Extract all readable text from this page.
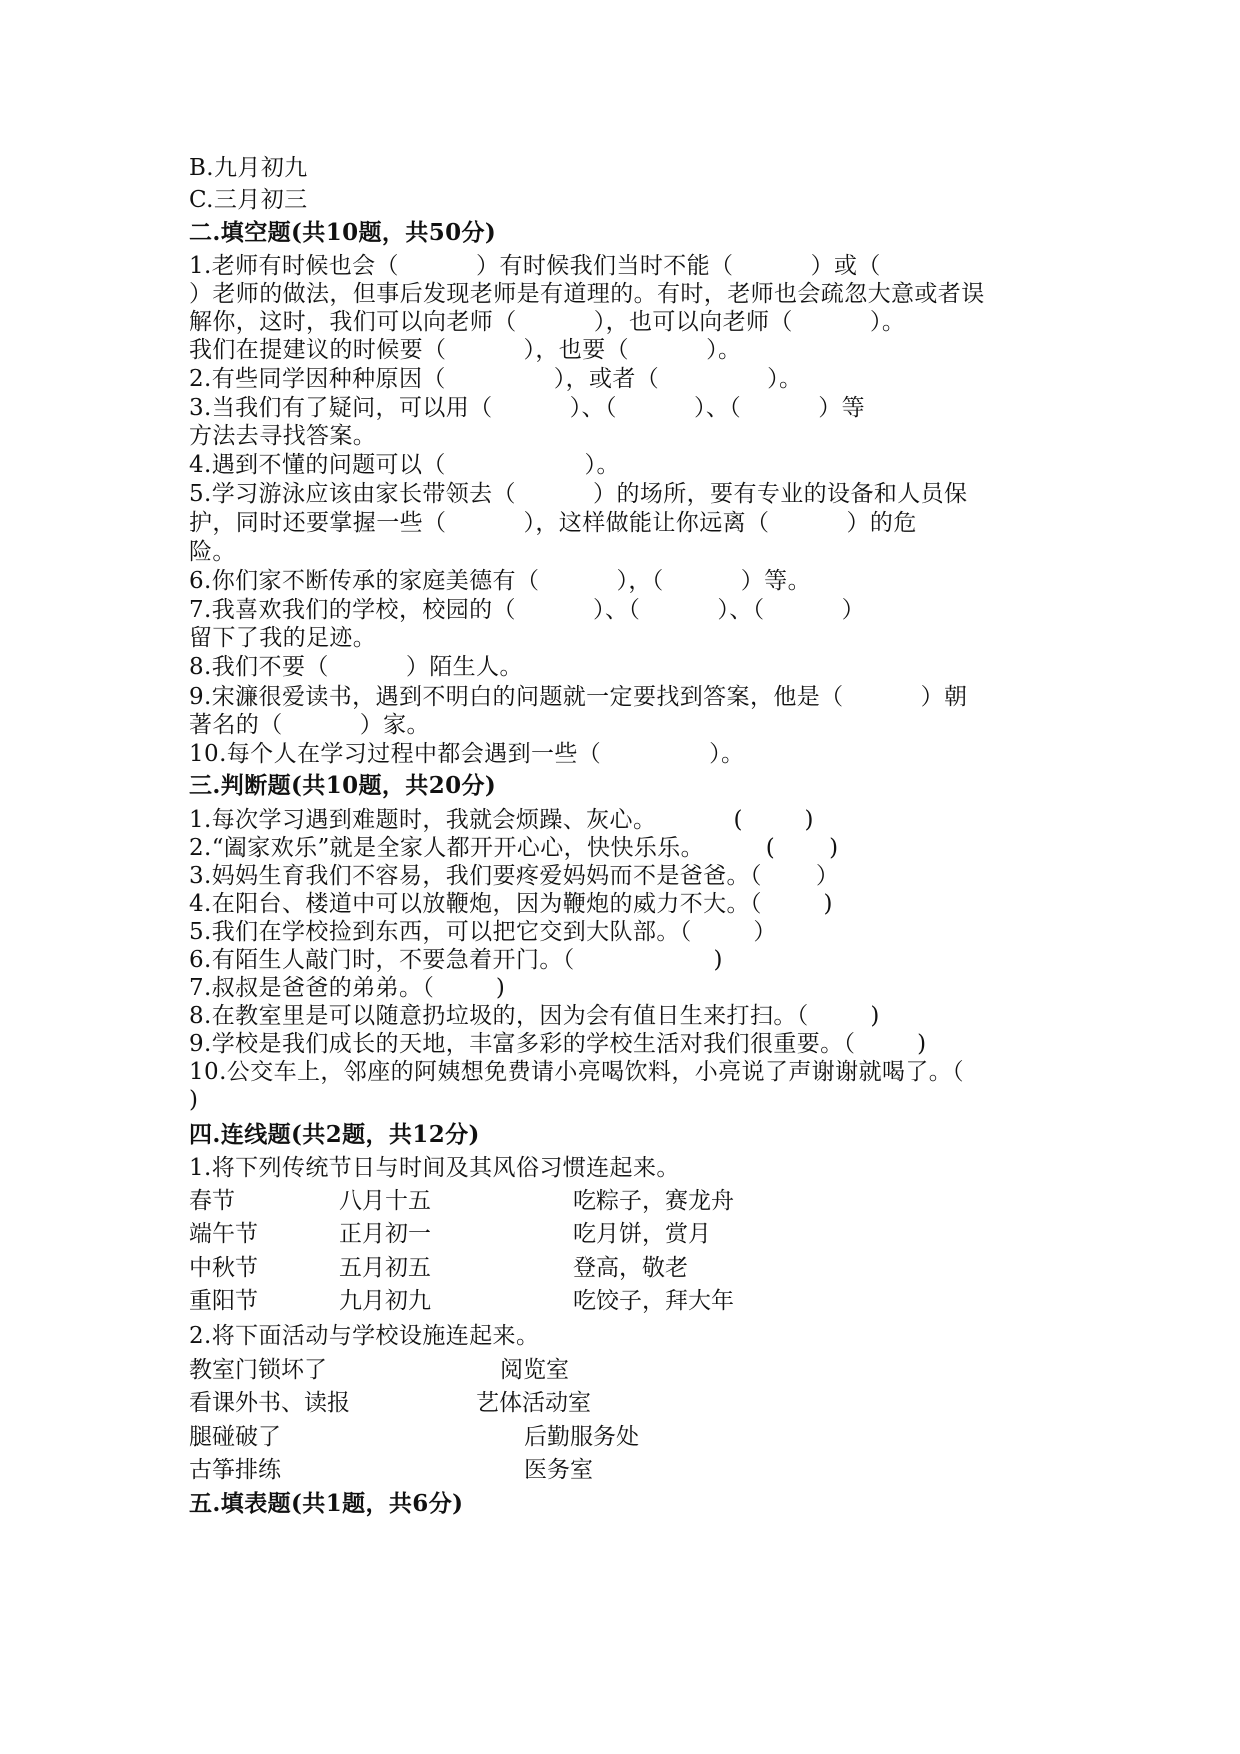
B.九月初九
C.三月初三
二.填空题(共10题，共50分)
1.老师有时候也会（          ）有时候我们当时不能（          ）或（
）老师的做法，但事后发现老师是有道理的。有时，老师也会疏忽大意或者误
解你，这时，我们可以向老师（          ），也可以向老师（          ）。
我们在提建议的时候要（          ），也要（          ）。
2.有些同学因种种原因（              ），或者（              ）。
3.当我们有了疑问，可以用（          ）、（          ）、（          ）等
方法去寻找答案。
4.遇到不懂的问题可以（                  ）。
5.学习游泳应该由家长带领去（          ）的场所，要有专业的设备和人员保
护，同时还要掌握一些（          ），这样做能让你远离（          ）的危
险。
6.你们家不断传承的家庭美德有（          ），（          ）等。
7.我喜欢我们的学校，校园的（          ）、（          ）、（          ）
留下了我的足迹。
8.我们不要（          ）陌生人。
9.宋濂很爱读书，遇到不明白的问题就一定要找到答案，他是（          ）朝
著名的（          ）家。
10.每个人在学习过程中都会遇到一些（              ）。
三.判断题(共10题，共20分)
1.每次学习遇到难题时，我就会烦躁、灰心。          (        )
2.“阖家欢乐”就是全家人都开开心心，快快乐乐。        (       )
3.妈妈生育我们不容易，我们要疼爱妈妈而不是爸爸。（       ）
4.在阳台、楼道中可以放鞭炮，因为鞭炮的威力不大。（        )
5.我们在学校捡到东西，可以把它交到大队部。（        ）
6.有陌生人敲门时，不要急着开门。（                  )
7.叔叔是爸爸的弟弟。（        )
8.在教室里是可以随意扔垃圾的，因为会有值日生来打扫。（        )
9.学校是我们成长的天地，丰富多彩的学校生活对我们很重要。（        )
10.公交车上，邻座的阿姨想免费请小亮喝饮料，小亮说了声谢谢就喝了。（
)
四.连线题(共2题，共12分)
1.将下列传统节日与时间及其风俗习惯连起来。
春节	八月十五	吃粽子，赛龙舟
端午节	正月初一	吃月饼，赏月
中秋节	五月初五	登高，敬老
重阳节	九月初九	吃饺子，拜大年
2.将下面活动与学校设施连起来。
教室门锁坏了	阅览室
看课外书、读报	艺体活动室
腿碰破了	后勤服务处
古筝排练	医务室
五.填表题(共1题，共6分)
